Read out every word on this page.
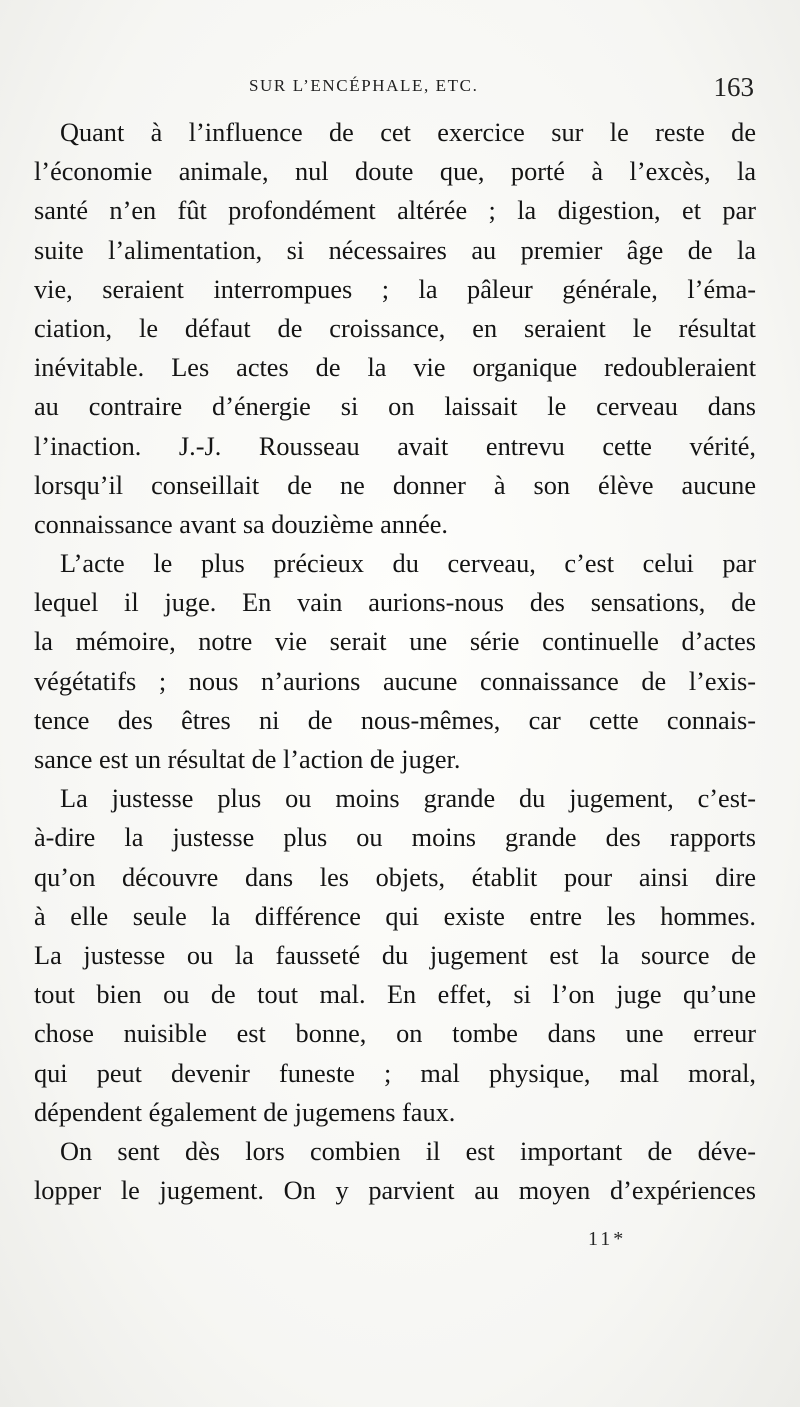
SUR L’ENCÉPHALE, ETC.	163
Quant à l’influence de cet exercice sur le reste de
l’économie animale, nul doute que, porté à l’excès, la
santé n’en fût profondément altérée ; la digestion, et par
suite l’alimentation, si nécessaires au premier âge de la
vie, seraient interrompues ; la pâleur générale, l’éma-
ciation, le défaut de croissance, en seraient le résultat
inévitable. Les actes de la vie organique redoubleraient
au contraire d’énergie si on laissait le cerveau dans
l’inaction. J.-J. Rousseau avait entrevu cette vérité,
lorsqu’il conseillait de ne donner à son élève aucune
connaissance avant sa douzième année.
L’acte le plus précieux du cerveau, c’est celui par
lequel il juge. En vain aurions-nous des sensations, de
la mémoire, notre vie serait une série continuelle d’actes
végétatifs ; nous n’aurions aucune connaissance de l’exis-
tence des êtres ni de nous-mêmes, car cette connais-
sance est un résultat de l’action de juger.
La justesse plus ou moins grande du jugement, c’est-
à-dire la justesse plus ou moins grande des rapports
qu’on découvre dans les objets, établit pour ainsi dire
à elle seule la différence qui existe entre les hommes.
La justesse ou la fausseté du jugement est la source de
tout bien ou de tout mal. En effet, si l’on juge qu’une
chose nuisible est bonne, on tombe dans une erreur
qui peut devenir funeste ; mal physique, mal moral,
dépendent également de jugemens faux.
On sent dès lors combien il est important de déve-
lopper le jugement. On y parvient au moyen d’expériences
11*
